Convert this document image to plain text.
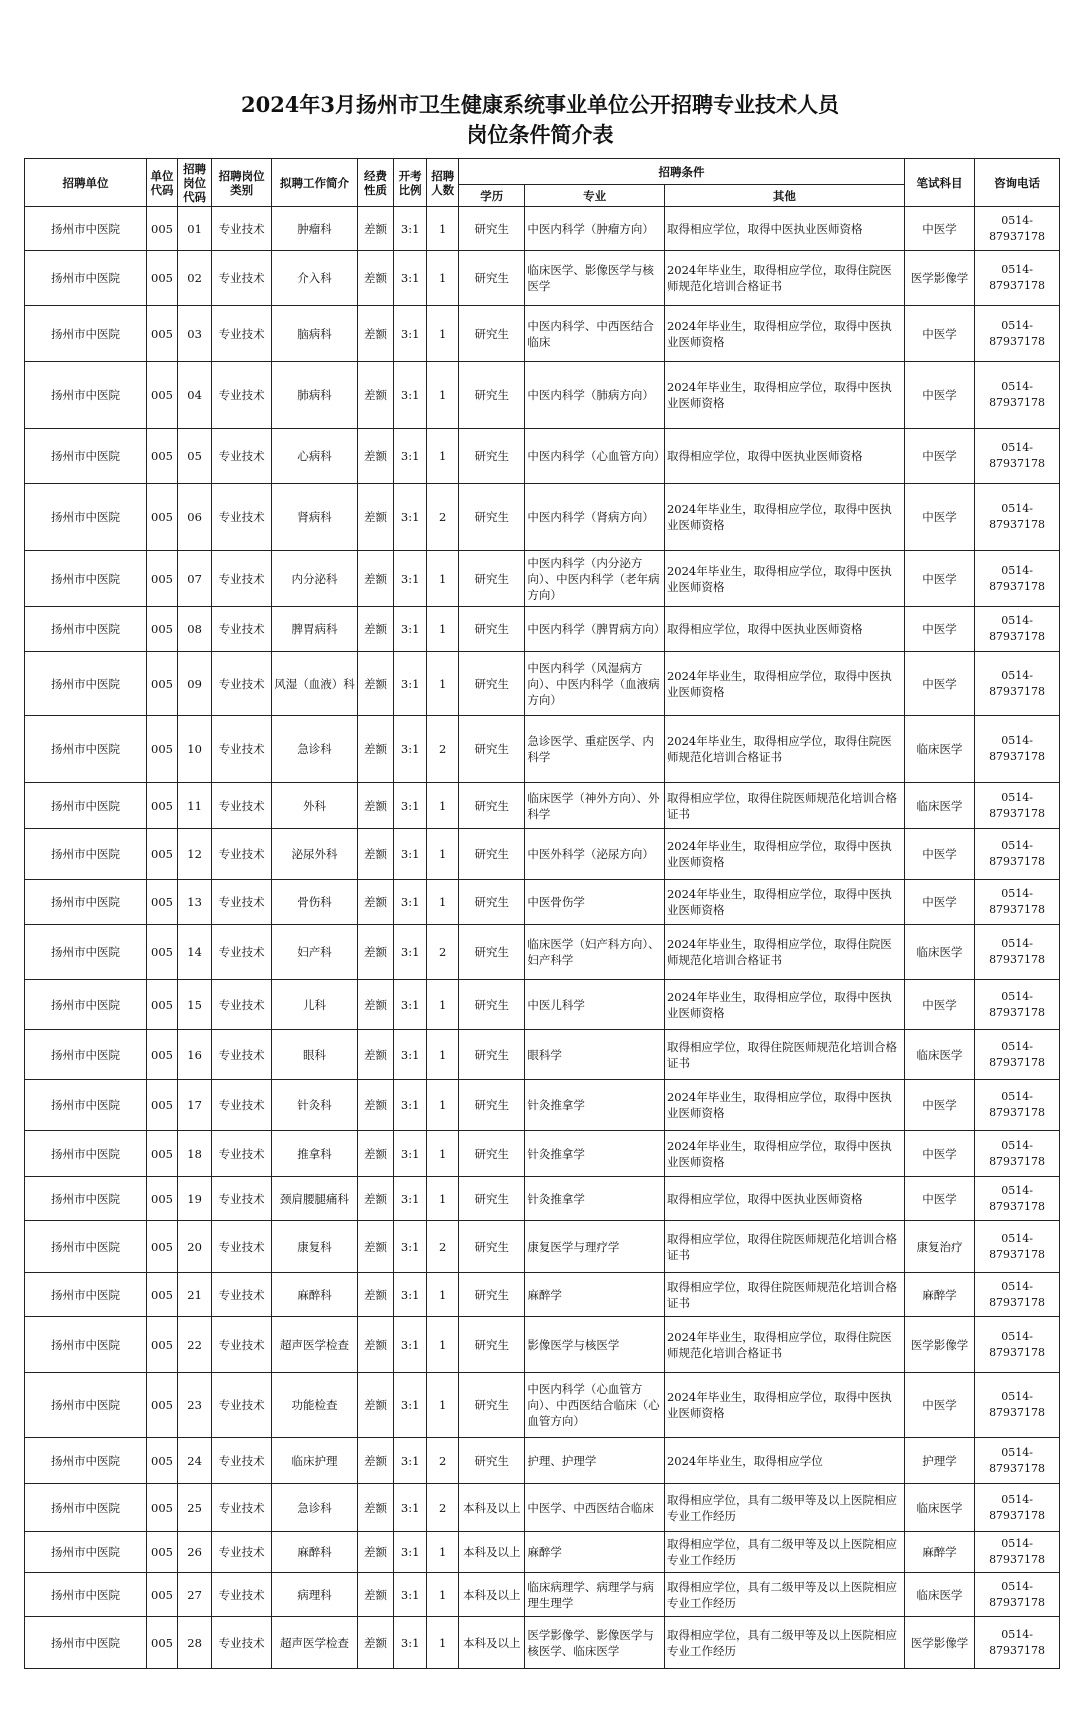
2024年3月扬州市卫生健康系统事业单位公开招聘专业技术人员
岗位条件简介表
招聘单位	单位代码	招聘岗位代码	招聘岗位类别	拟聘工作简介	经费性质	开考比例	招聘人数	招聘条件			笔试科目	咨询电话
								学历	专业	其他		
扬州市中医院	005	01	专业技术	肿瘤科	差额	3:1	1	研究生	中医内科学（肿瘤方向）	取得相应学位，取得中医执业医师资格	中医学	0514-87937178
扬州市中医院	005	02	专业技术	介入科	差额	3:1	1	研究生	临床医学、影像医学与核医学	2024年毕业生，取得相应学位，取得住院医师规范化培训合格证书	医学影像学	0514-87937178
扬州市中医院	005	03	专业技术	脑病科	差额	3:1	1	研究生	中医内科学、中西医结合临床	2024年毕业生，取得相应学位，取得中医执业医师资格	中医学	0514-87937178
扬州市中医院	005	04	专业技术	肺病科	差额	3:1	1	研究生	中医内科学（肺病方向）	2024年毕业生，取得相应学位，取得中医执业医师资格	中医学	0514-87937178
扬州市中医院	005	05	专业技术	心病科	差额	3:1	1	研究生	中医内科学（心血管方向）	取得相应学位，取得中医执业医师资格	中医学	0514-87937178
扬州市中医院	005	06	专业技术	肾病科	差额	3:1	2	研究生	中医内科学（肾病方向）	2024年毕业生，取得相应学位，取得中医执业医师资格	中医学	0514-87937178
扬州市中医院	005	07	专业技术	内分泌科	差额	3:1	1	研究生	中医内科学（内分泌方向）、中医内科学（老年病方向）	2024年毕业生，取得相应学位，取得中医执业医师资格	中医学	0514-87937178
扬州市中医院	005	08	专业技术	脾胃病科	差额	3:1	1	研究生	中医内科学（脾胃病方向）	取得相应学位，取得中医执业医师资格	中医学	0514-87937178
扬州市中医院	005	09	专业技术	风湿（血液）科	差额	3:1	1	研究生	中医内科学（风湿病方向）、中医内科学（血液病方向）	2024年毕业生，取得相应学位，取得中医执业医师资格	中医学	0514-87937178
扬州市中医院	005	10	专业技术	急诊科	差额	3:1	2	研究生	急诊医学、重症医学、内科学	2024年毕业生，取得相应学位，取得住院医师规范化培训合格证书	临床医学	0514-87937178
扬州市中医院	005	11	专业技术	外科	差额	3:1	1	研究生	临床医学（神外方向）、外科学	取得相应学位，取得住院医师规范化培训合格证书	临床医学	0514-87937178
扬州市中医院	005	12	专业技术	泌尿外科	差额	3:1	1	研究生	中医外科学（泌尿方向）	2024年毕业生，取得相应学位，取得中医执业医师资格	中医学	0514-87937178
扬州市中医院	005	13	专业技术	骨伤科	差额	3:1	1	研究生	中医骨伤学	2024年毕业生，取得相应学位，取得中医执业医师资格	中医学	0514-87937178
扬州市中医院	005	14	专业技术	妇产科	差额	3:1	2	研究生	临床医学（妇产科方向）、妇产科学	2024年毕业生，取得相应学位，取得住院医师规范化培训合格证书	临床医学	0514-87937178
扬州市中医院	005	15	专业技术	儿科	差额	3:1	1	研究生	中医儿科学	2024年毕业生，取得相应学位，取得中医执业医师资格	中医学	0514-87937178
扬州市中医院	005	16	专业技术	眼科	差额	3:1	1	研究生	眼科学	取得相应学位，取得住院医师规范化培训合格证书	临床医学	0514-87937178
扬州市中医院	005	17	专业技术	针灸科	差额	3:1	1	研究生	针灸推拿学	2024年毕业生，取得相应学位，取得中医执业医师资格	中医学	0514-87937178
扬州市中医院	005	18	专业技术	推拿科	差额	3:1	1	研究生	针灸推拿学	2024年毕业生，取得相应学位，取得中医执业医师资格	中医学	0514-87937178
扬州市中医院	005	19	专业技术	颈肩腰腿痛科	差额	3:1	1	研究生	针灸推拿学	取得相应学位，取得中医执业医师资格	中医学	0514-87937178
扬州市中医院	005	20	专业技术	康复科	差额	3:1	2	研究生	康复医学与理疗学	取得相应学位，取得住院医师规范化培训合格证书	康复治疗	0514-87937178
扬州市中医院	005	21	专业技术	麻醉科	差额	3:1	1	研究生	麻醉学	取得相应学位，取得住院医师规范化培训合格证书	麻醉学	0514-87937178
扬州市中医院	005	22	专业技术	超声医学检查	差额	3:1	1	研究生	影像医学与核医学	2024年毕业生，取得相应学位，取得住院医师规范化培训合格证书	医学影像学	0514-87937178
扬州市中医院	005	23	专业技术	功能检查	差额	3:1	1	研究生	中医内科学（心血管方向）、中西医结合临床（心血管方向）	2024年毕业生，取得相应学位，取得中医执业医师资格	中医学	0514-87937178
扬州市中医院	005	24	专业技术	临床护理	差额	3:1	2	研究生	护理、护理学	2024年毕业生，取得相应学位	护理学	0514-87937178
扬州市中医院	005	25	专业技术	急诊科	差额	3:1	2	本科及以上	中医学、中西医结合临床	取得相应学位，具有二级甲等及以上医院相应专业工作经历	临床医学	0514-87937178
扬州市中医院	005	26	专业技术	麻醉科	差额	3:1	1	本科及以上	麻醉学	取得相应学位，具有二级甲等及以上医院相应专业工作经历	麻醉学	0514-87937178
扬州市中医院	005	27	专业技术	病理科	差额	3:1	1	本科及以上	临床病理学、病理学与病理生理学	取得相应学位，具有二级甲等及以上医院相应专业工作经历	临床医学	0514-87937178
扬州市中医院	005	28	专业技术	超声医学检查	差额	3:1	1	本科及以上	医学影像学、影像医学与核医学、临床医学	取得相应学位，具有二级甲等及以上医院相应专业工作经历	医学影像学	0514-87937178
